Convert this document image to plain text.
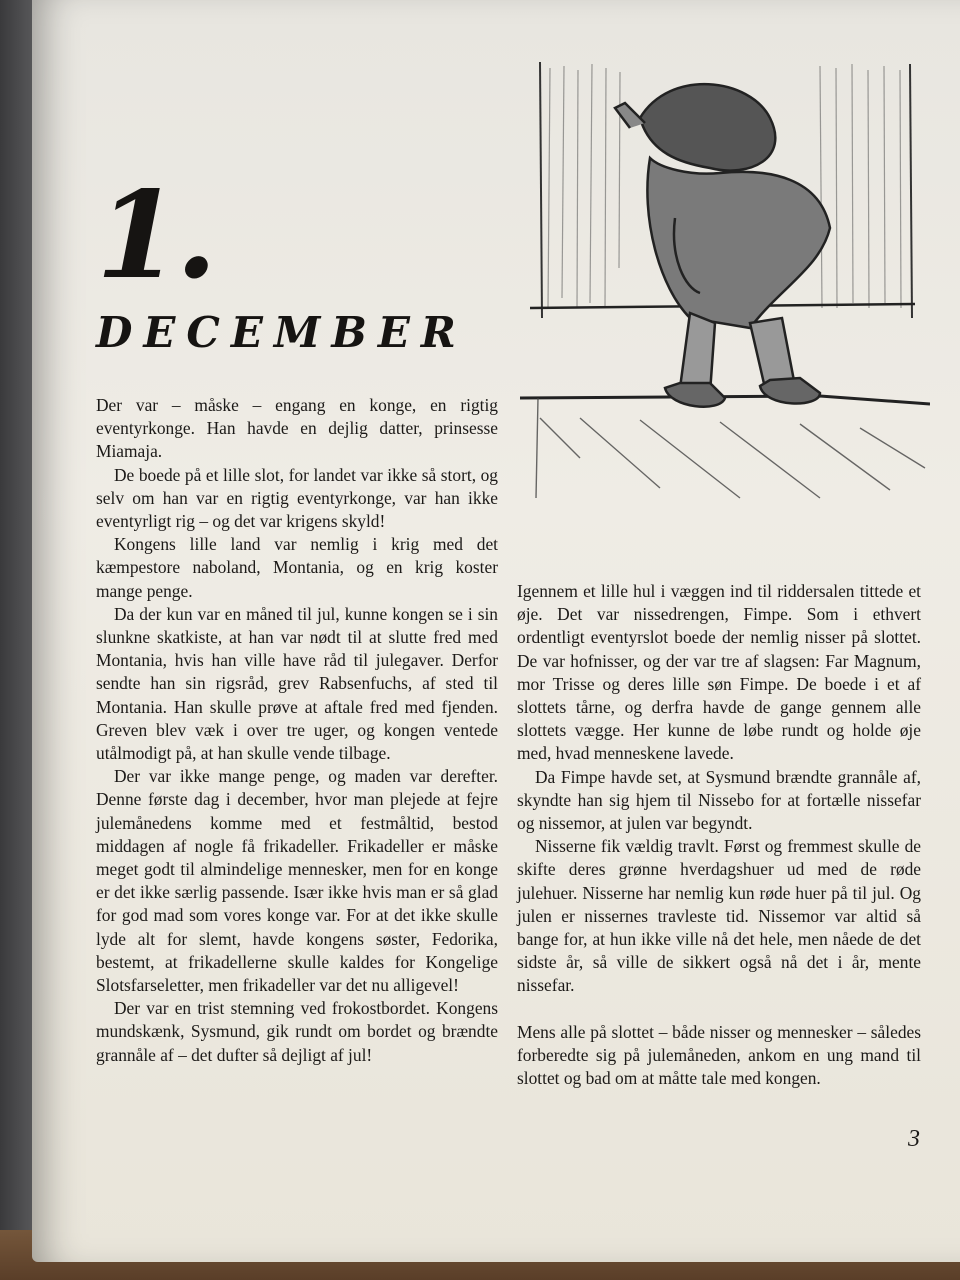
1.
DECEMBER

Der var – måske – engang en konge, en rigtig eventyrkonge. Han havde en dejlig datter, prinsesse Miamaja.

De boede på et lille slot, for landet var ikke så stort, og selv om han var en rigtig eventyrkonge, var han ikke eventyrligt rig – og det var krigens skyld!

Kongens lille land var nemlig i krig med det kæmpestore naboland, Montania, og en krig koster mange penge.

Da der kun var en måned til jul, kunne kongen se i sin slunkne skatkiste, at han var nødt til at slutte fred med Montania, hvis han ville have råd til julegaver. Derfor sendte han sin rigsråd, grev Rabsenfuchs, af sted til Montania. Han skulle prøve at aftale fred med fjenden. Greven blev væk i over tre uger, og kongen ventede utålmodigt på, at han skulle vende tilbage.

Der var ikke mange penge, og maden var derefter. Denne første dag i december, hvor man plejede at fejre julemånedens komme med et festmåltid, bestod middagen af nogle få frikadeller. Frikadeller er måske meget godt til almindelige mennesker, men for en konge er det ikke særlig passende. Især ikke hvis man er så glad for god mad som vores konge var. For at det ikke skulle lyde alt for slemt, havde kongens søster, Fedorika, bestemt, at frikadellerne skulle kaldes for Kongelige Slotsfarseletter, men frikadeller var det nu alligevel!

Der var en trist stemning ved frokostbordet. Kongens mundskænk, Sysmund, gik rundt om bordet og brændte grannåle af – det dufter så dejligt af jul!

Igennem et lille hul i væggen ind til riddersalen tittede et øje. Det var nissedrengen, Fimpe. Som i ethvert ordentligt eventyrslot boede der nemlig nisser på slottet. De var hofnisser, og der var tre af slagsen: Far Magnum, mor Trisse og deres lille søn Fimpe. De boede i et af slottets tårne, og derfra havde de gange gennem alle slottets vægge. Her kunne de løbe rundt og holde øje med, hvad menneskene lavede.

Da Fimpe havde set, at Sysmund brændte grannåle af, skyndte han sig hjem til Nissebo for at fortælle nissefar og nissemor, at julen var begyndt.

Nisserne fik vældig travlt. Først og fremmest skulle de skifte deres grønne hverdagshuer ud med de røde julehuer. Nisserne har nemlig kun røde huer på til jul. Og julen er nissernes travleste tid. Nissemor var altid så bange for, at hun ikke ville nå det hele, men nåede de det sidste år, så ville de sikkert også nå det i år, mente nissefar.

Mens alle på slottet – både nisser og mennesker – således forberedte sig på julemåneden, ankom en ung mand til slottet og bad om at måtte tale med kongen.

3
